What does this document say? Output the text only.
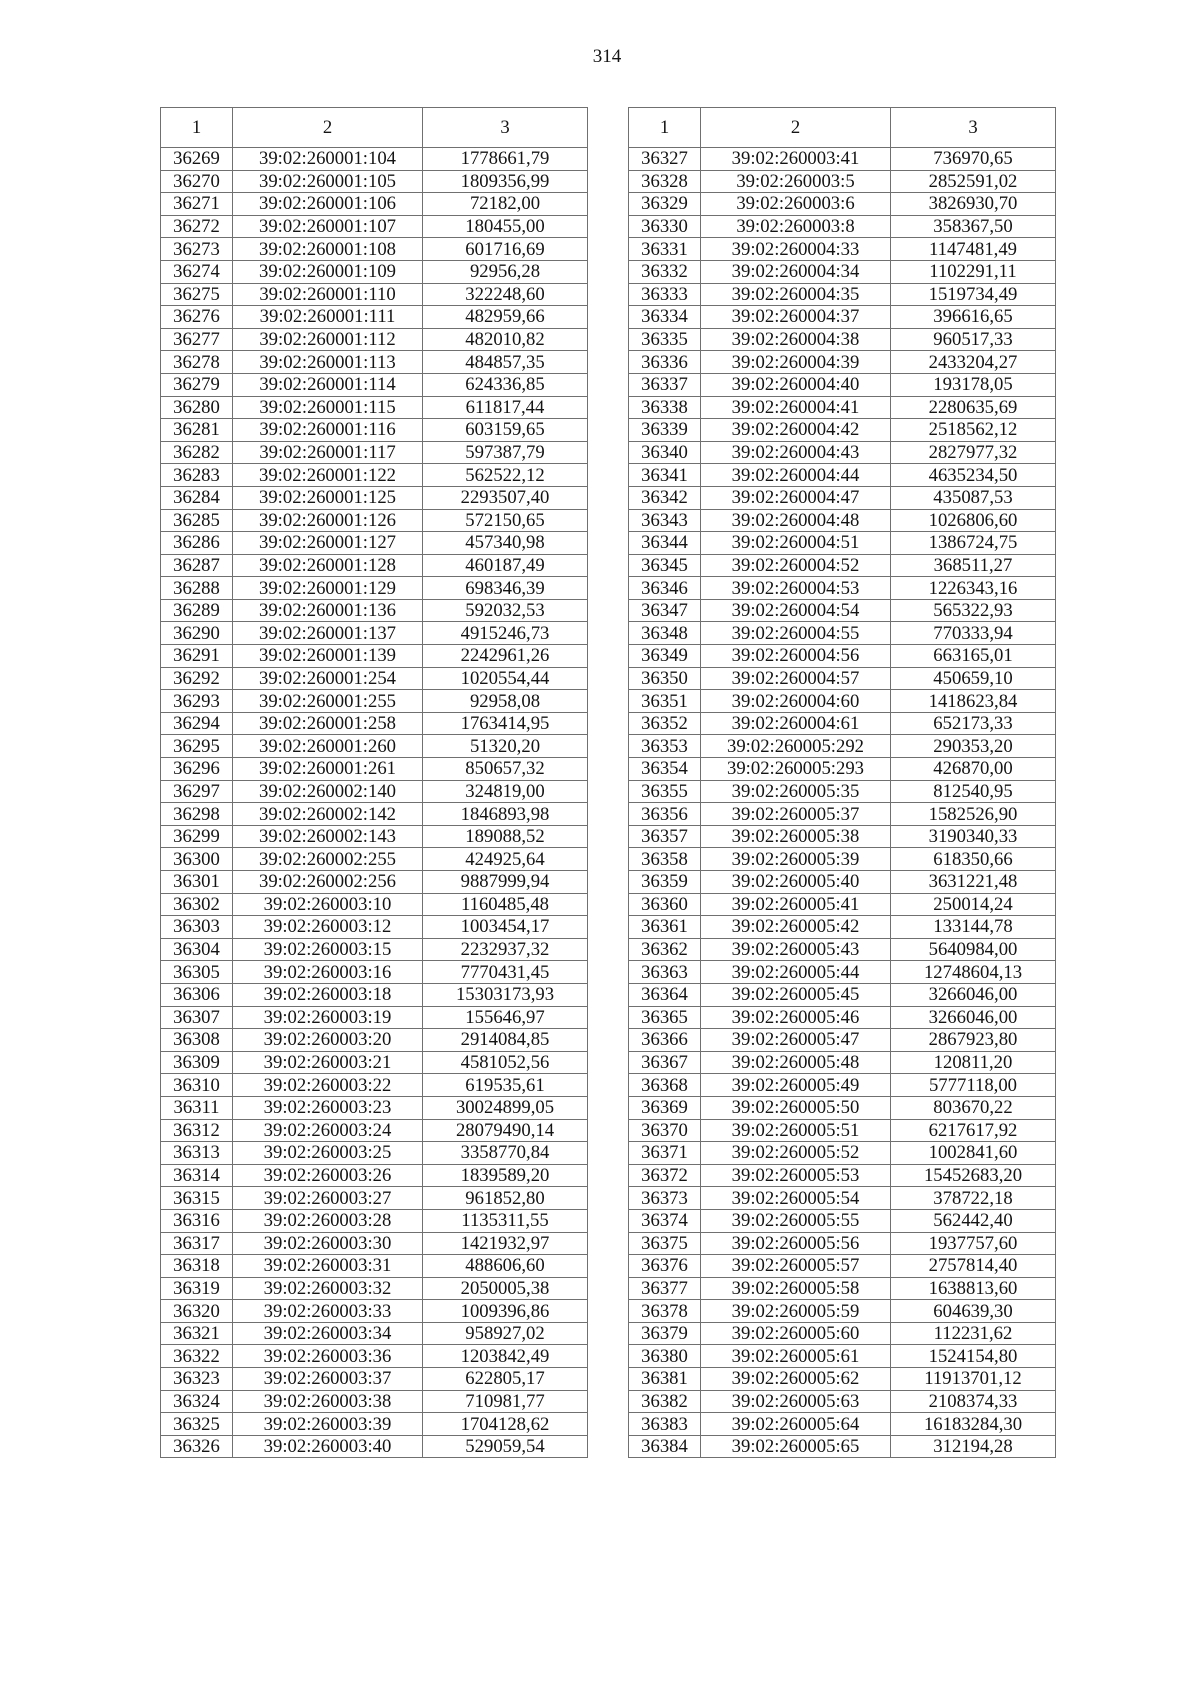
314
1	2	3
36269	39:02:260001:104	1778661,79
36270	39:02:260001:105	1809356,99
36271	39:02:260001:106	72182,00
36272	39:02:260001:107	180455,00
36273	39:02:260001:108	601716,69
36274	39:02:260001:109	92956,28
36275	39:02:260001:110	322248,60
36276	39:02:260001:111	482959,66
36277	39:02:260001:112	482010,82
36278	39:02:260001:113	484857,35
36279	39:02:260001:114	624336,85
36280	39:02:260001:115	611817,44
36281	39:02:260001:116	603159,65
36282	39:02:260001:117	597387,79
36283	39:02:260001:122	562522,12
36284	39:02:260001:125	2293507,40
36285	39:02:260001:126	572150,65
36286	39:02:260001:127	457340,98
36287	39:02:260001:128	460187,49
36288	39:02:260001:129	698346,39
36289	39:02:260001:136	592032,53
36290	39:02:260001:137	4915246,73
36291	39:02:260001:139	2242961,26
36292	39:02:260001:254	1020554,44
36293	39:02:260001:255	92958,08
36294	39:02:260001:258	1763414,95
36295	39:02:260001:260	51320,20
36296	39:02:260001:261	850657,32
36297	39:02:260002:140	324819,00
36298	39:02:260002:142	1846893,98
36299	39:02:260002:143	189088,52
36300	39:02:260002:255	424925,64
36301	39:02:260002:256	9887999,94
36302	39:02:260003:10	1160485,48
36303	39:02:260003:12	1003454,17
36304	39:02:260003:15	2232937,32
36305	39:02:260003:16	7770431,45
36306	39:02:260003:18	15303173,93
36307	39:02:260003:19	155646,97
36308	39:02:260003:20	2914084,85
36309	39:02:260003:21	4581052,56
36310	39:02:260003:22	619535,61
36311	39:02:260003:23	30024899,05
36312	39:02:260003:24	28079490,14
36313	39:02:260003:25	3358770,84
36314	39:02:260003:26	1839589,20
36315	39:02:260003:27	961852,80
36316	39:02:260003:28	1135311,55
36317	39:02:260003:30	1421932,97
36318	39:02:260003:31	488606,60
36319	39:02:260003:32	2050005,38
36320	39:02:260003:33	1009396,86
36321	39:02:260003:34	958927,02
36322	39:02:260003:36	1203842,49
36323	39:02:260003:37	622805,17
36324	39:02:260003:38	710981,77
36325	39:02:260003:39	1704128,62
36326	39:02:260003:40	529059,54
1	2	3
36327	39:02:260003:41	736970,65
36328	39:02:260003:5	2852591,02
36329	39:02:260003:6	3826930,70
36330	39:02:260003:8	358367,50
36331	39:02:260004:33	1147481,49
36332	39:02:260004:34	1102291,11
36333	39:02:260004:35	1519734,49
36334	39:02:260004:37	396616,65
36335	39:02:260004:38	960517,33
36336	39:02:260004:39	2433204,27
36337	39:02:260004:40	193178,05
36338	39:02:260004:41	2280635,69
36339	39:02:260004:42	2518562,12
36340	39:02:260004:43	2827977,32
36341	39:02:260004:44	4635234,50
36342	39:02:260004:47	435087,53
36343	39:02:260004:48	1026806,60
36344	39:02:260004:51	1386724,75
36345	39:02:260004:52	368511,27
36346	39:02:260004:53	1226343,16
36347	39:02:260004:54	565322,93
36348	39:02:260004:55	770333,94
36349	39:02:260004:56	663165,01
36350	39:02:260004:57	450659,10
36351	39:02:260004:60	1418623,84
36352	39:02:260004:61	652173,33
36353	39:02:260005:292	290353,20
36354	39:02:260005:293	426870,00
36355	39:02:260005:35	812540,95
36356	39:02:260005:37	1582526,90
36357	39:02:260005:38	3190340,33
36358	39:02:260005:39	618350,66
36359	39:02:260005:40	3631221,48
36360	39:02:260005:41	250014,24
36361	39:02:260005:42	133144,78
36362	39:02:260005:43	5640984,00
36363	39:02:260005:44	12748604,13
36364	39:02:260005:45	3266046,00
36365	39:02:260005:46	3266046,00
36366	39:02:260005:47	2867923,80
36367	39:02:260005:48	120811,20
36368	39:02:260005:49	5777118,00
36369	39:02:260005:50	803670,22
36370	39:02:260005:51	6217617,92
36371	39:02:260005:52	1002841,60
36372	39:02:260005:53	15452683,20
36373	39:02:260005:54	378722,18
36374	39:02:260005:55	562442,40
36375	39:02:260005:56	1937757,60
36376	39:02:260005:57	2757814,40
36377	39:02:260005:58	1638813,60
36378	39:02:260005:59	604639,30
36379	39:02:260005:60	112231,62
36380	39:02:260005:61	1524154,80
36381	39:02:260005:62	11913701,12
36382	39:02:260005:63	2108374,33
36383	39:02:260005:64	16183284,30
36384	39:02:260005:65	312194,28
